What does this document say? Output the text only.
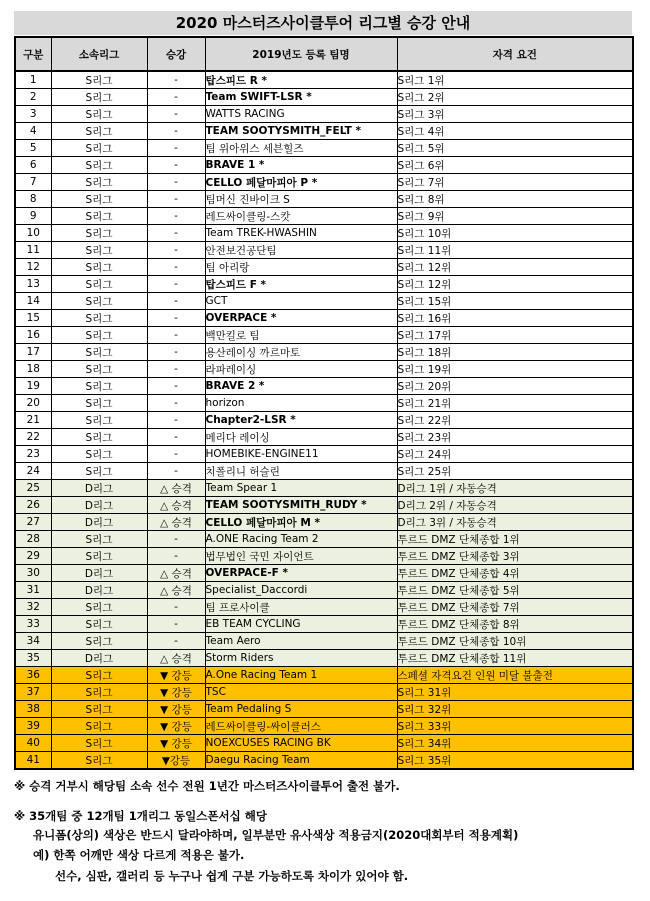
2020 마스터즈사이클투어 리그별 승강 안내
구분	소속리그	승강	2019년도 등록 팀명	자격 요건
1	S리그	-	탑스피드 R *	S리그 1위
2	S리그	-	Team SWIFT-LSR *	S리그 2위
3	S리그	-	WATTS RACING	S리그 3위
4	S리그	-	TEAM SOOTYSMITH_FELT *	S리그 4위
5	S리그	-	팀 위아위스 세븐힐즈	S리그 5위
6	S리그	-	BRAVE 1 *	S리그 6위
7	S리그	-	CELLO 페달마피아 P *	S리그 7위
8	S리그	-	팀머신 진바이크 S	S리그 8위
9	S리그	-	레드싸이클링-스캇	S리그 9위
10	S리그	-	Team TREK-HWASHIN	S리그 10위
11	S리그	-	안전보건공단팀	S리그 11위
12	S리그	-	팀 아리랑	S리그 12위
13	S리그	-	탑스피드 F *	S리그 12위
14	S리그	-	GCT	S리그 15위
15	S리그	-	OVERPACE *	S리그 16위
16	S리그	-	백만킬로 팀	S리그 17위
17	S리그	-	용산레이싱 까르마토	S리그 18위
18	S리그	-	라파레이싱	S리그 19위
19	S리그	-	BRAVE 2 *	S리그 20위
20	S리그	-	horizon	S리그 21위
21	S리그	-	Chapter2-LSR *	S리그 22위
22	S리그	-	메리다 레이싱	S리그 23위
23	S리그	-	HOMEBIKE-ENGINE11	S리그 24위
24	S리그	-	치폴리니 허슬린	S리그 25위
25	D리그	△ 승격	Team Spear 1	D리그 1위 / 자동승격
26	D리그	△ 승격	TEAM SOOTYSMITH_RUDY *	D리그 2위 / 자동승격
27	D리그	△ 승격	CELLO 페달마피아 M *	D리그 3위 / 자동승격
28	S리그	-	A.ONE Racing Team 2	투르드 DMZ 단체종합 1위
29	S리그	-	법무법인 국민 자이언트	투르드 DMZ 단체종합 3위
30	D리그	△ 승격	OVERPACE-F *	투르드 DMZ 단체종합 4위
31	D리그	△ 승격	Specialist_Daccordi	투르드 DMZ 단체종합 5위
32	S리그	-	팀 프로사이클	투르드 DMZ 단체종합 7위
33	S리그	-	EB TEAM CYCLING	투르드 DMZ 단체종합 8위
34	S리그	-	Team Aero	투르드 DMZ 단체종합 10위
35	D리그	△ 승격	Storm Riders	투르드 DMZ 단체종합 11위
36	S리그	▼ 강등	A.One Racing Team 1	스페셜 자격요건 인원 미달 불출전
37	S리그	▼ 강등	TSC	S리그 31위
38	S리그	▼ 강등	Team Pedaling S	S리그 32위
39	S리그	▼ 강등	레드싸이클링-싸이클러스	S리그 33위
40	S리그	▼ 강등	NOEXCUSES RACING BK	S리그 34위
41	S리그	▼강등	Daegu Racing Team	S리그 35위
※ 승격 거부시 해당팀 소속 선수 전원 1년간 마스터즈사이클투어 출전 불가.
※ 35개팀 중 12개팀 1개리그 동일스폰서십 해당
유니폼(상의) 색상은 반드시 달라야하며, 일부분만 유사색상 적용금지(2020대회부터 적용계획)
예) 한쪽 어깨만 색상 다르게 적용은 불가.
선수, 심판, 갤러리 등 누구나 쉽게 구분 가능하도록 차이가 있어야 함.
